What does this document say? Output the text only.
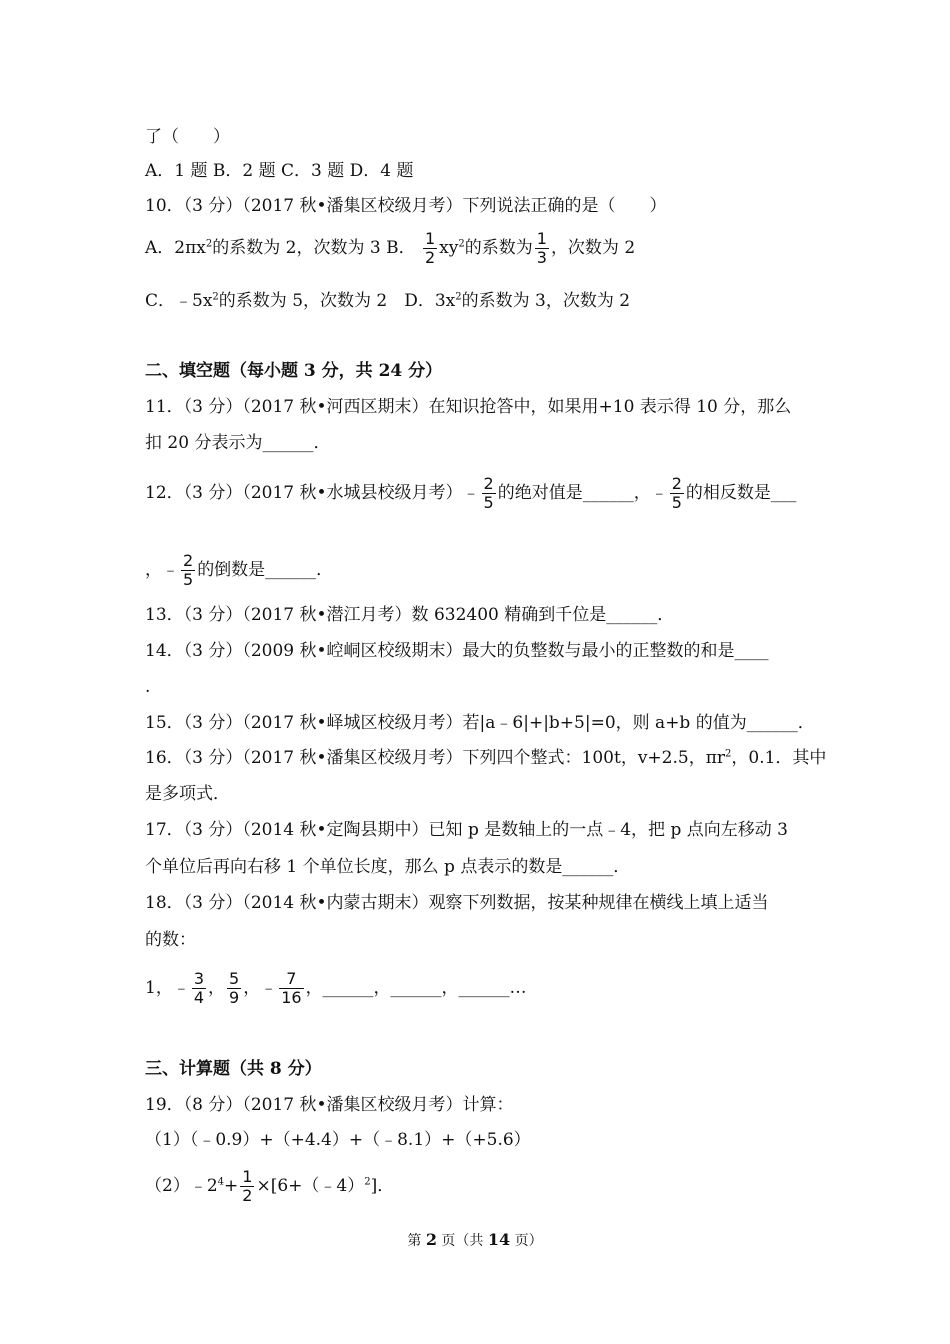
了（　　）
A．1 题 B．2 题 C．3 题 D．4 题
10．（3 分）（2017 秋•潘集区校级月考）下列说法正确的是（　　）
A．$2\pi x^2$的系数为 2，次数为 3 B． $\frac{1}{2} xy^2$的系数为 $\frac{1}{3}$ ，次数为 2
C．$﹣5x^2$的系数为 5，次数为 2　D．$3x^2$的系数为 3，次数为 2
二、填空题（每小题 3 分，共 24 分）
11．（3 分）（2017 秋•河西区期末）在知识抢答中，如果用+10 表示得 10 分，那么
扣 20 分表示为______．
12．（3 分）（2017 秋•水城县校级月考）﹣ $\frac{2}{5}$ 的绝对值是______，﹣ $\frac{2}{5}$ 的相反数是___
，﹣ $\frac{2}{5}$ 的倒数是______．
13．（3 分）（2017 秋•潜江月考）数 632400 精确到千位是______．
14．（3 分）（2009 秋•崆峒区校级期末）最大的负整数与最小的正整数的和是____
.
15．（3 分）（2017 秋•峄城区校级月考）若|a﹣6|+|b+5|=0，则 a+b 的值为______．
16．（3 分）（2017 秋•潘集区校级月考）下列四个整式：100t，v+2.5，$\pi r^2$，0.1．其中
是多项式．
17．（3 分）（2014 秋•定陶县期中）已知 p 是数轴上的一点﹣4，把 p 点向左移动 3
个单位后再向右移 1 个单位长度，那么 p 点表示的数是______．
18．（3 分）（2014 秋•内蒙古期末）观察下列数据，按某种规律在横线上填上适当
的数：
1，﹣ $\frac{3}{4}$ ， $\frac{5}{9}$ ，﹣ $\frac{7}{16}$ ，______，______，______…
三、计算题（共 8 分）
19．（8 分）（2017 秋•潘集区校级月考）计算：
（1）（﹣0.9）+（+4.4）+（﹣8.1）+（+5.6）
$(2)﹣2^4+ \frac{1}{2}$ ×[6+（﹣4）$^2$]．
第 2 页（共 14 页）
